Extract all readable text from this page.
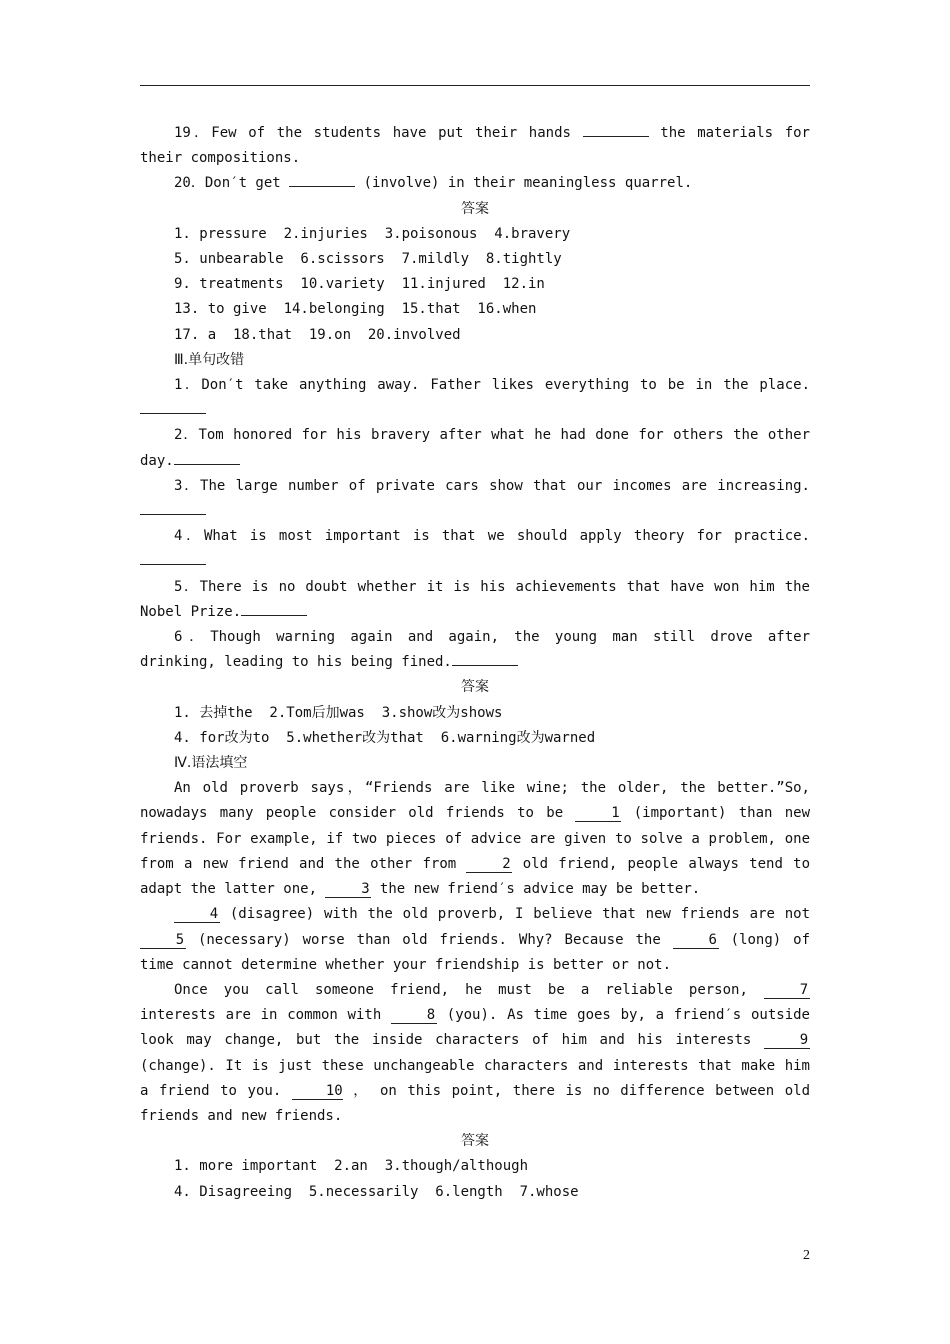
19．Few of the students have put their hands	the materials for their compositions.

20．Don′t get	(involve) in their meaningless quarrel.

答案

1. pressure  2.injuries  3.poisonous  4.bravery

5. unbearable  6.scissors  7.mildly  8.tightly

9. treatments  10.variety  11.injured  12.in

13. to give  14.belonging  15.that  16.when

17. a  18.that  19.on  20.involved

Ⅲ.单句改错

1．Don′t take anything away. Father likes everything to be in the place.

2．Tom honored for his bravery after what he had done for others the other day.

3．The large number of private cars show that our incomes are increasing.

4．What is most important is that we should apply theory for practice.

5．There is no doubt whether it is his achievements that have won him the Nobel Prize.

6．Though warning again and again, the young man still drove after drinking, leading to his being fined.

答案

1. 去掉the  2.Tom后加was  3.show改为shows

4. for改为to  5.whether改为that  6.warning改为warned

Ⅳ.语法填空

An old proverb says，“Friends are like wine; the older, the better.”So, nowadays many people consider old friends to be	1 (important) than new friends. For example, if two pieces of advice are given to solve a problem, one from a new friend and the other from	2 old friend, people always tend to adapt the latter one,	3 the new friend′s advice may be better.

4 (disagree) with the old proverb, I believe that new friends are not 5 (necessary) worse than old friends. Why? Because the	6 (long) of time cannot determine whether your friendship is better or not.

Once you call someone friend, he must be a reliable person,	7 interests are in common with	8 (you). As time goes by, a friend′s outside look may change, but the inside characters of him and his interests	9 (change). It is just these unchangeable characters and interests that make him a friend to you.	10 ， on this point, there is no difference between old friends and new friends.

答案

1. more important  2.an  3.though/although

4. Disagreeing  5.necessarily  6.length  7.whose

2
